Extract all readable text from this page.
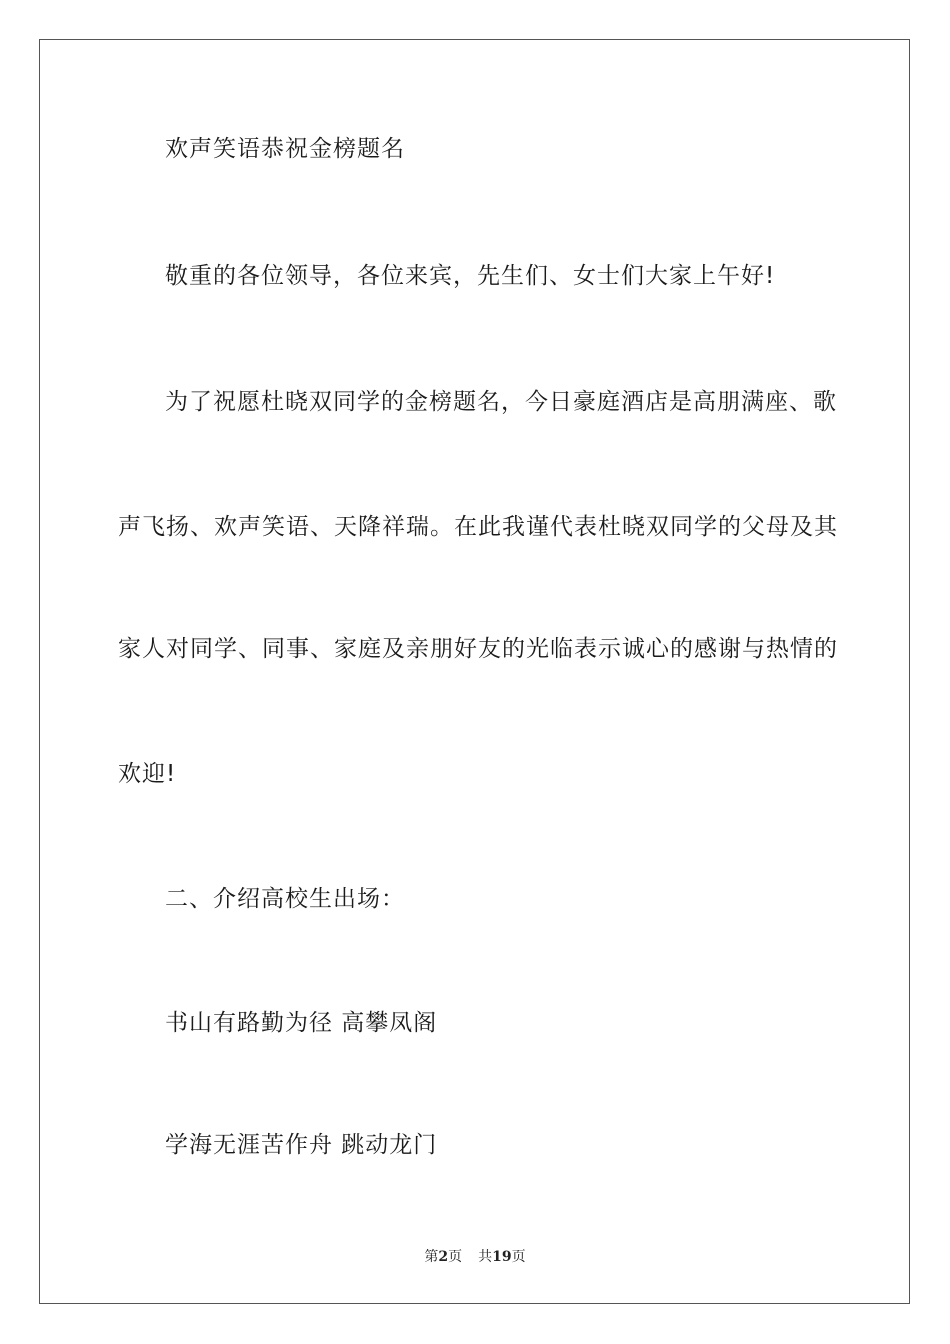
欢声笑语恭祝金榜题名
敬重的各位领导，各位来宾，先生们、女士们大家上午好!
为了祝愿杜晓双同学的金榜题名，今日豪庭酒店是高朋满座、歌
声飞扬、欢声笑语、天降祥瑞。在此我谨代表杜晓双同学的父母及其
家人对同学、同事、家庭及亲朋好友的光临表示诚心的感谢与热情的
欢迎!
二、介绍高校生出场：
书山有路勤为径 高攀凤阁
学海无涯苦作舟 跳动龙门
第2页 共19页
